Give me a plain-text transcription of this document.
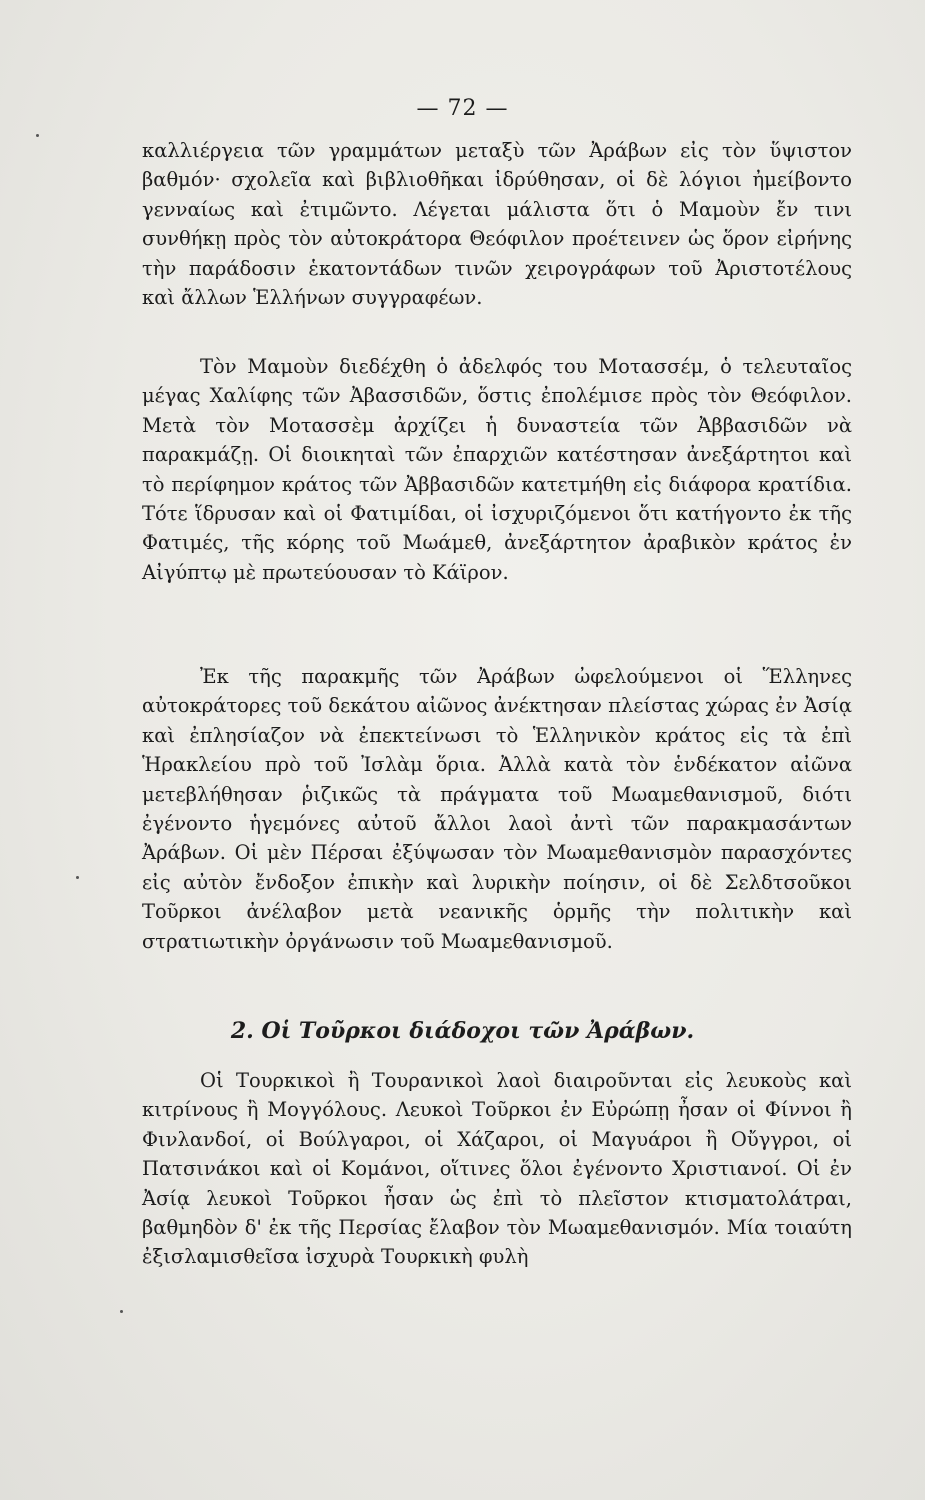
— 72 —

καλλιέργεια τῶν γραμμάτων μεταξὺ τῶν Ἀράβων εἰς τὸν ὕψιστον βαθμόν· σχολεῖα καὶ βιβλιοθῆκαι ἱδρύθησαν, οἱ δὲ λόγιοι ἠμείβοντο γενναίως καὶ ἐτιμῶντο. Λέγεται μάλιστα ὅτι ὁ Μαμοὺν ἔν τινι συνθήκῃ πρὸς τὸν αὐτοκράτορα Θεόφιλον προέτεινεν ὡς ὅρον εἰρήνης τὴν παράδοσιν ἑκατοντάδων τινῶν χειρογράφων τοῦ Ἀριστοτέλους καὶ ἄλλων Ἑλλήνων συγγραφέων.

Τὸν Μαμοὺν διεδέχθη ὁ ἀδελφός του Μοτασσέμ, ὁ τελευταῖος μέγας Χαλίφης τῶν Ἀβασσιδῶν, ὅστις ἐπολέμισε πρὸς τὸν Θεόφιλον. Μετὰ τὸν Μοτασσὲμ ἀρχίζει ἡ δυναστεία τῶν Ἀββασιδῶν νὰ παρακμάζῃ. Οἱ διοικηταὶ τῶν ἐπαρχιῶν κατέστησαν ἀνεξάρτητοι καὶ τὸ περίφημον κράτος τῶν Ἀββασιδῶν κατετμήθη εἰς διάφορα κρατίδια. Τότε ἵδρυσαν καὶ οἱ Φατιμίδαι, οἱ ἰσχυριζόμενοι ὅτι κατήγοντο ἐκ τῆς Φατιμές, τῆς κόρης τοῦ Μωάμεθ, ἀνεξάρτητον ἀραβικὸν κράτος ἐν Αἰγύπτῳ μὲ πρωτεύουσαν τὸ Κάϊρον.

Ἐκ τῆς παρακμῆς τῶν Ἀράβων ὠφελούμενοι οἱ Ἕλληνες αὐτοκράτορες τοῦ δεκάτου αἰῶνος ἀνέκτησαν πλείστας χώρας ἐν Ἀσίᾳ καὶ ἐπλησίαζον νὰ ἐπεκτείνωσι τὸ Ἑλληνικὸν κράτος εἰς τὰ ἐπὶ Ἡρακλείου πρὸ τοῦ Ἰσλὰμ ὅρια. Ἀλλὰ κατὰ τὸν ἑνδέκατον αἰῶνα μετεβλήθησαν ῥιζικῶς τὰ πράγματα τοῦ Μωαμεθανισμοῦ, διότι ἐγένοντο ἡγεμόνες αὐτοῦ ἄλλοι λαοὶ ἀντὶ τῶν παρακμασάντων Ἀράβων. Οἱ μὲν Πέρσαι ἐξύψωσαν τὸν Μωαμεθανισμὸν παρασχόντες εἰς αὐτὸν ἔνδοξον ἐπικὴν καὶ λυρικὴν ποίησιν, οἱ δὲ Σελδτσοῦκοι Τοῦρκοι ἀνέλαβον μετὰ νεανικῆς ὁρμῆς τὴν πολιτικὴν καὶ στρατιωτικὴν ὀργάνωσιν τοῦ Μωαμεθανισμοῦ.

2. Οἱ Τοῦρκοι διάδοχοι τῶν Ἀράβων.

Οἱ Τουρκικοὶ ἢ Τουρανικοὶ λαοὶ διαιροῦνται εἰς λευκοὺς καὶ κιτρίνους ἢ Μογγόλους. Λευκοὶ Τοῦρκοι ἐν Εὐρώπῃ ἦσαν οἱ Φίννοι ἢ Φινλανδοί, οἱ Βούλγαροι, οἱ Χάζαροι, οἱ Μαγυάροι ἢ Οὔγγροι, οἱ Πατσινάκοι καὶ οἱ Κομάνοι, οἵτινες ὅλοι ἐγένοντο Χριστιανοί. Οἱ ἐν Ἀσίᾳ λευκοὶ Τοῦρκοι ἦσαν ὡς ἐπὶ τὸ πλεῖστον κτισματολάτραι, βαθμηδὸν δ' ἐκ τῆς Περσίας ἔλαβον τὸν Μωαμεθανισμόν. Μία τοιαύτη ἐξισλαμισθεῖσα ἰσχυρὰ Τουρκικὴ φυλὴ
